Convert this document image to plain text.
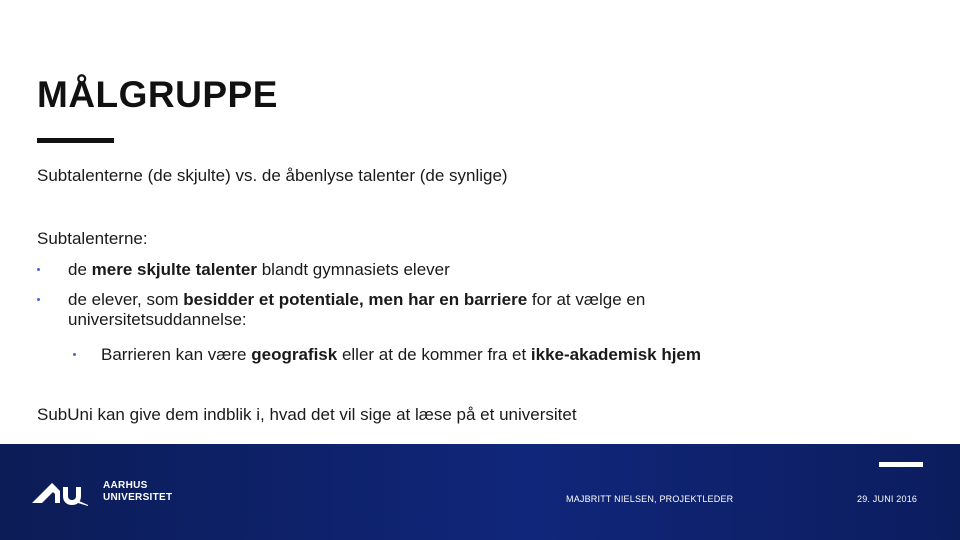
MÅLGRUPPE
Subtalenterne (de skjulte) vs. de åbenlyse talenter (de synlige)
Subtalenterne:
de mere skjulte talenter blandt gymnasiets elever
de elever, som besidder et potentiale, men har en barriere for at vælge en
universitetsuddannelse:
Barrieren kan være geografisk eller at de kommer fra et ikke-akademisk hjem
SubUni kan give dem indblik i, hvad det vil sige at læse på et universitet
AARHUS
UNIVERSITET	MAJBRITT NIELSEN, PROJEKTLEDER	29. JUNI 2016
